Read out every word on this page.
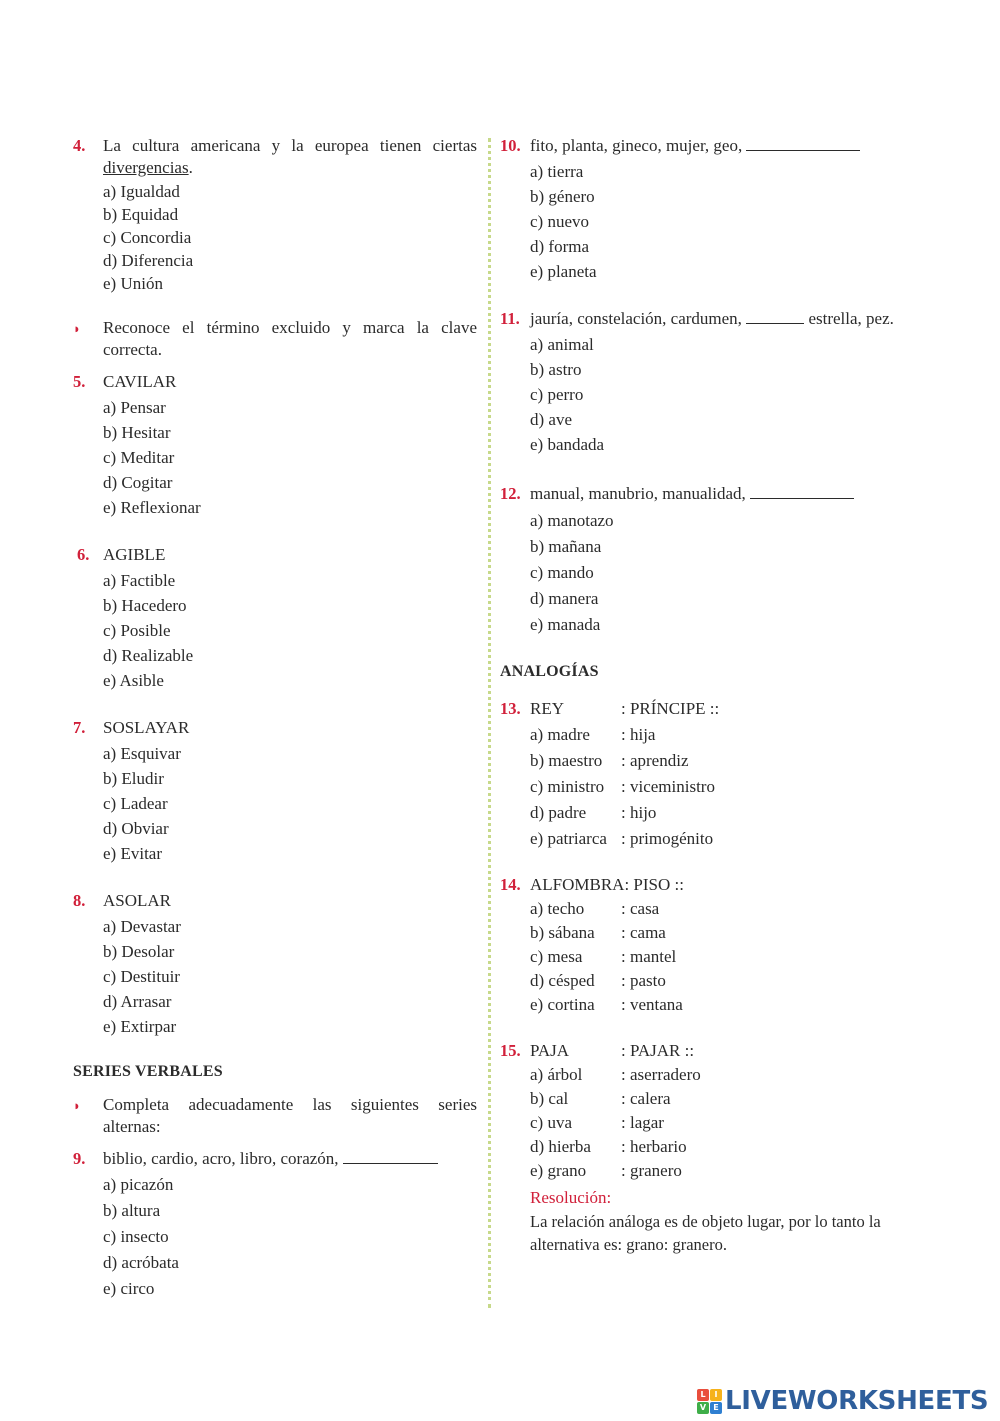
4.	La cultura americana y la europea tienen ciertas divergencias.
a) Igualdad
b) Equidad
c) Concordia
d) Diferencia
e) Unión
◗	Reconoce el término excluido y marca la clave correcta.
5.	CAVILAR
a) Pensar
b) Hesitar
c) Meditar
d) Cogitar
e) Reflexionar
6. AGIBLE
a) Factible
b) Hacedero
c) Posible
d) Realizable
e) Asible
7.	SOSLAYAR
a) Esquivar
b) Eludir
c) Ladear
d) Obviar
e) Evitar
8.	ASOLAR
a) Devastar
b) Desolar
c) Destituir
d) Arrasar
e) Extirpar
SERIES VERBALES
◗	Completa adecuadamente las siguientes series alternas:
9.	biblio, cardio, acro, libro, corazón,
a) picazón
b) altura
c) insecto
d) acróbata
e) circo
10. fito, planta, gineco, mujer, geo,
a) tierra
b) género
c) nuevo
d) forma
e) planeta
11. jauría, constelación, cardumen,	estrella, pez.
a) animal
b) astro
c) perro
d) ave
e) bandada
12. manual, manubrio, manualidad,
a) manotazo
b) mañana
c) mando
d) manera
e) manada
ANALOGÍAS
13. REY	: PRÍNCIPE ::
a) madre	: hija
b) maestro	: aprendiz
c) ministro : viceministro
d) padre	: hijo
e) patriarca : primogénito
14. ALFOMBRA: PISO ::
a) techo	: casa
b) sábana	: cama
c) mesa	: mantel
d) césped	: pasto
e) cortina	: ventana
15. PAJA	: PAJAR ::
a) árbol	: aserradero
b) cal	: calera
c) uva	: lagar
d) hierba	: herbario
e) grano	: granero
Resolución:
La relación análoga es de objeto lugar, por lo tanto la alternativa es: grano: granero.
L	I
V E LIVEWORKSHEETS
